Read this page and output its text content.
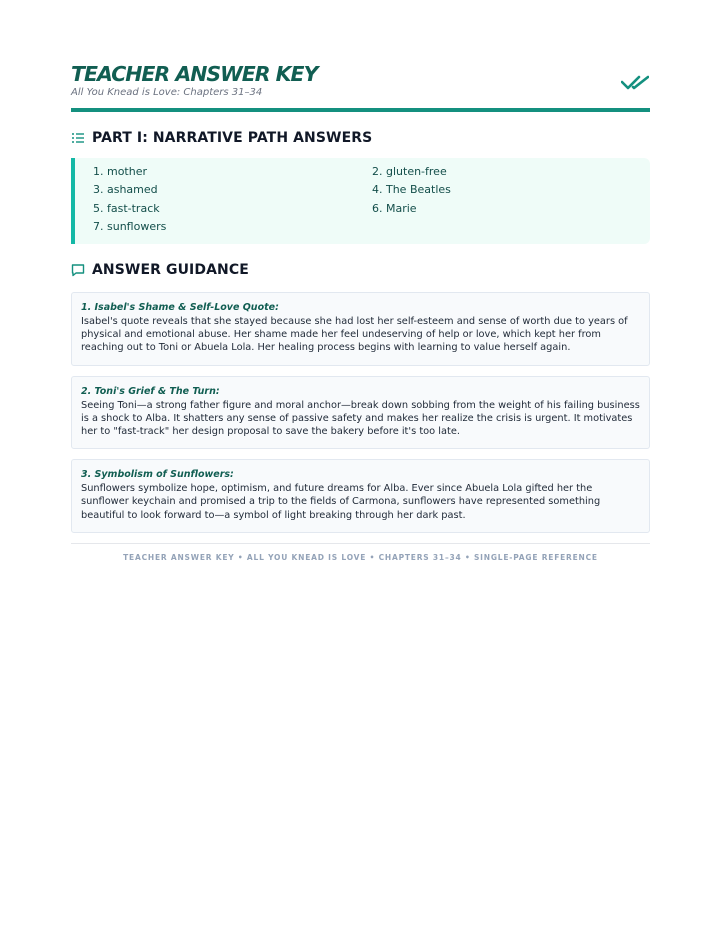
TEACHER ANSWER KEY
All You Knead is Love: Chapters 31–34
PART I: NARRATIVE PATH ANSWERS
1. mother	2. gluten-free
3. ashamed	4. The Beatles
5. fast-track	6. Marie
7. sunflowers
ANSWER GUIDANCE
1. Isabel's Shame & Self-Love Quote:
Isabel's quote reveals that she stayed because she had lost her self-esteem and sense of worth due to years of physical and emotional abuse. Her shame made her feel undeserving of help or love, which kept her from reaching out to Toni or Abuela Lola. Her healing process begins with learning to value herself again.
2. Toni's Grief & The Turn:
Seeing Toni—a strong father figure and moral anchor—break down sobbing from the weight of his failing business is a shock to Alba. It shatters any sense of passive safety and makes her realize the crisis is urgent. It motivates her to "fast-track" her design proposal to save the bakery before it's too late.
3. Symbolism of Sunflowers:
Sunflowers symbolize hope, optimism, and future dreams for Alba. Ever since Abuela Lola gifted her the sunflower keychain and promised a trip to the fields of Carmona, sunflowers have represented something beautiful to look forward to—a symbol of light breaking through her dark past.
TEACHER ANSWER KEY • ALL YOU KNEAD IS LOVE • CHAPTERS 31–34 • SINGLE-PAGE REFERENCE
